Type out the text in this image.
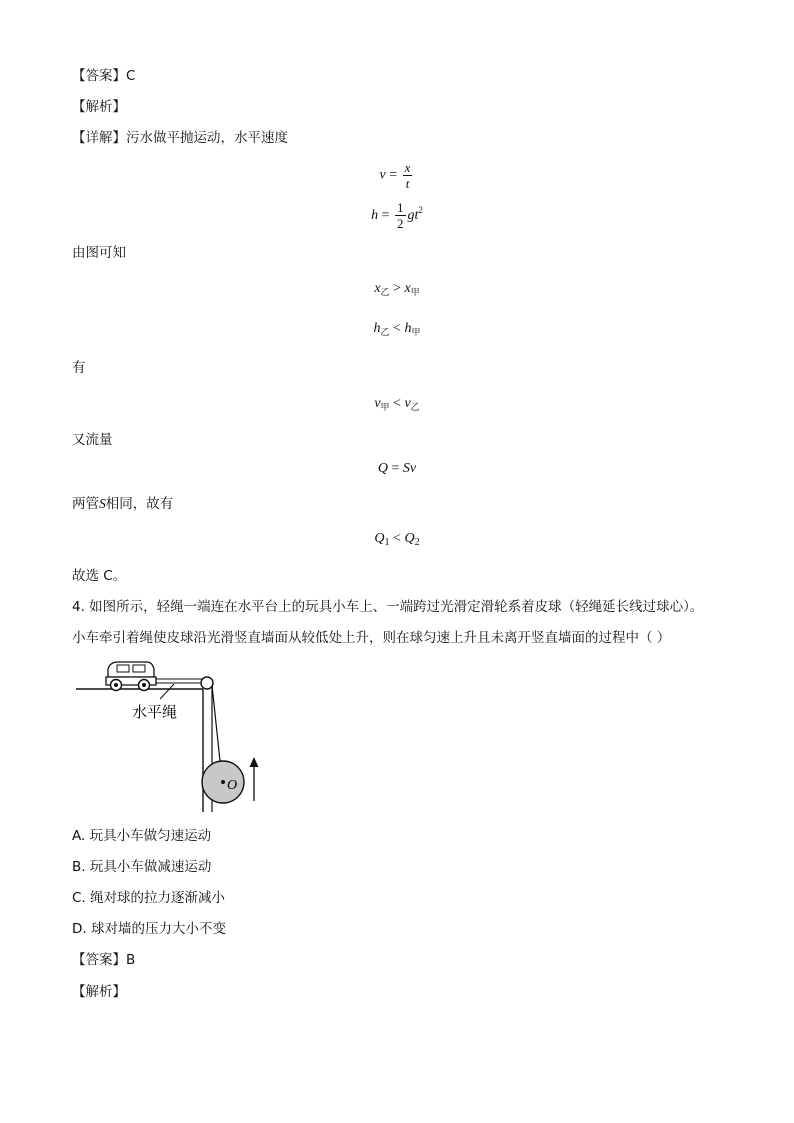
【答案】C
【解析】
【详解】污水做平抛运动，水平速度
$v = \frac{x}{t}$
$h = \frac{1}{2} gt^2$
由图可知
$x_乙 > x_甲$
$h_乙 < h_甲$
有
$v_甲 < v_乙$
又流量
Q = Sv
两管S相同，故有
$Q_1 < Q_2$
故选 C。
4. 如图所示，轻绳一端连在水平台上的玩具小车上、一端跨过光滑定滑轮系着皮球（轻绳延长线过球心）。
小车牵引着绳使皮球沿光滑竖直墙面从较低处上升，则在球匀速上升且未离开竖直墙面的过程中（ ）
O
水平绳
A. 玩具小车做匀速运动
B. 玩具小车做减速运动
C. 绳对球的拉力逐渐减小
D. 球对墙的压力大小不变
【答案】B
【解析】
